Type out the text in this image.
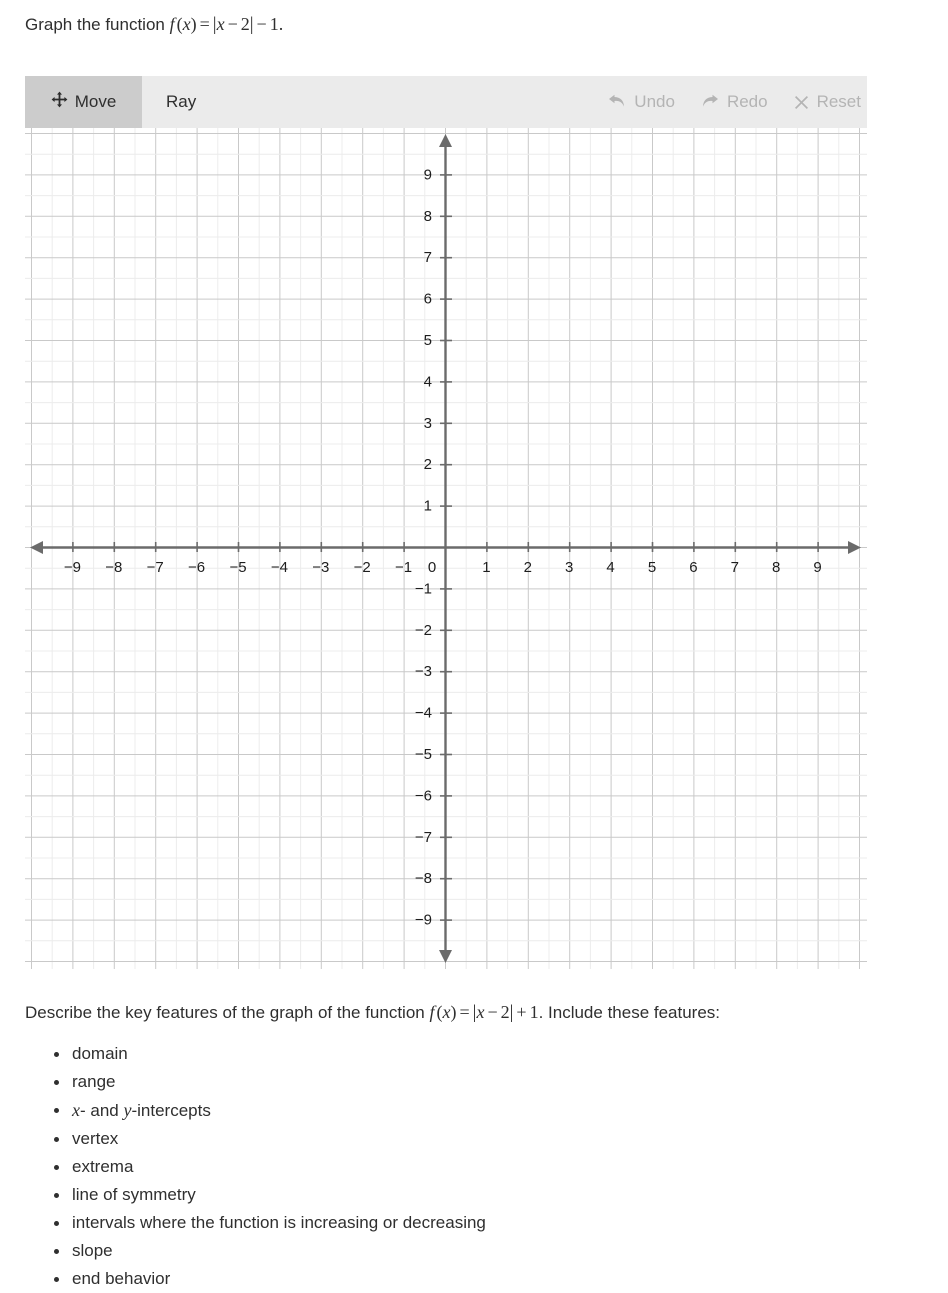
Graph the function f (x) = |x − 2| − 1.
Move	Ray	Undo	Redo	Reset
−9 −8 −7 −6 −5 −4 −3 −2 −1 0	1 2 3 4 5 6 7 8 9
9
8
7
6
5
4
3
2
1
−1
−2
−3
−4
−5
−6
−7
−8
−9
Describe the key features of the graph of the function f (x) = |x − 2| + 1. Include these features:
domain
range
x- and y-intercepts
vertex
extrema
line of symmetry
intervals where the function is increasing or decreasing
slope
end behavior
